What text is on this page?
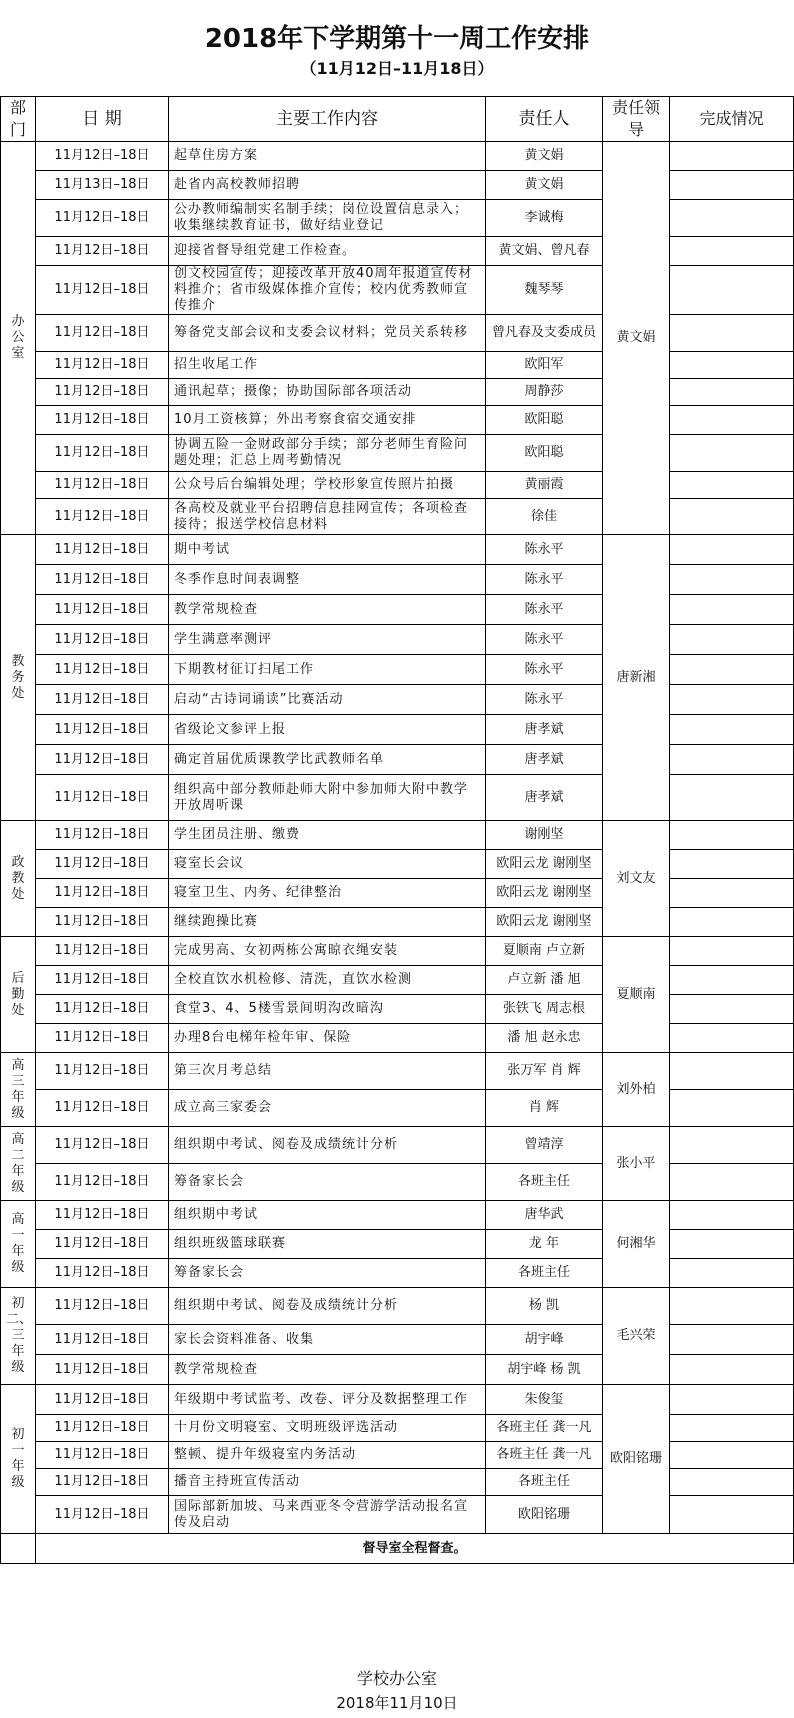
2018年下学期第十一周工作安排
（11月12日–11月18日）
部门	日 期	主要工作内容	责任人	责任领导	完成情况
办公室	11月12日–18日	起草住房方案	黄文娟	黄文娟	
	11月13日–18日	赴省内高校教师招聘	黄文娟		
	11月12日–18日	公办教师编制实名制手续；岗位设置信息录入；收集继续教育证书，做好结业登记	李诚梅		
	11月12日–18日	迎接省督导组党建工作检查。	黄文娟、曾凡春		
	11月12日–18日	创文校园宣传；迎接改革开放40周年报道宣传材料推介；省市级媒体推介宣传；校内优秀教师宣传推介	魏琴琴		
	11月12日–18日	筹备党支部会议和支委会议材料；党员关系转移	曾凡春及支委成员		
	11月12日–18日	招生收尾工作	欧阳军		
	11月12日–18日	通讯起草；摄像；协助国际部各项活动	周静莎		
	11月12日–18日	10月工资核算；外出考察食宿交通安排	欧阳聪		
	11月12日–18日	协调五险一金财政部分手续；部分老师生育险问题处理；汇总上周考勤情况	欧阳聪		
	11月12日–18日	公众号后台编辑处理；学校形象宣传照片拍摄	黄丽霞		
	11月12日–18日	各高校及就业平台招聘信息挂网宣传；各项检查接待；报送学校信息材料	徐佳		
教务处	11月12日–18日	期中考试	陈永平	唐新湘	
	11月12日–18日	冬季作息时间表调整	陈永平		
	11月12日–18日	教学常规检查	陈永平		
	11月12日–18日	学生满意率测评	陈永平		
	11月12日–18日	下期教材征订扫尾工作	陈永平		
	11月12日–18日	启动“古诗词诵读”比赛活动	陈永平		
	11月12日–18日	省级论文参评上报	唐孝斌		
	11月12日–18日	确定首届优质课教学比武教师名单	唐孝斌		
	11月12日–18日	组织高中部分教师赴师大附中参加师大附中教学开放周听课	唐孝斌		
政教处	11月12日–18日	学生团员注册、缴费	谢刚坚	刘文友	
	11月12日–18日	寝室长会议	欧阳云龙 谢刚坚		
	11月12日–18日	寝室卫生、内务、纪律整治	欧阳云龙 谢刚坚		
	11月12日–18日	继续跑操比赛	欧阳云龙 谢刚坚		
后勤处	11月12日–18日	完成男高、女初两栋公寓晾衣绳安装	夏顺南 卢立新	夏顺南	
	11月12日–18日	全校直饮水机检修、清洗，直饮水检测	卢立新 潘 旭		
	11月12日–18日	食堂3、4、5楼雪景间明沟改暗沟	张铁飞 周志根		
	11月12日–18日	办理8台电梯年检年审、保险	潘 旭 赵永忠		
高三年级	11月12日–18日	第三次月考总结	张万军 肖 辉	刘外柏	
	11月12日–18日	成立高三家委会	肖 辉		
高二年级	11月12日–18日	组织期中考试、阅卷及成绩统计分析	曾靖淳	张小平	
	11月12日–18日	筹备家长会	各班主任		
高一年级	11月12日–18日	组织期中考试	唐华武	何湘华	
	11月12日–18日	组织班级篮球联赛	龙 年		
	11月12日–18日	筹备家长会	各班主任		
初二、三年级	11月12日–18日	组织期中考试、阅卷及成绩统计分析	杨 凯	毛兴荣	
	11月12日–18日	家长会资料准备、收集	胡宇峰		
	11月12日–18日	教学常规检查	胡宇峰 杨 凯		
初一年级	11月12日–18日	年级期中考试监考、改卷、评分及数据整理工作	朱俊玺	欧阳铭珊	
	11月12日–18日	十月份文明寝室、文明班级评选活动	各班主任 龚一凡		
	11月12日–18日	整顿、提升年级寝室内务活动	各班主任 龚一凡		
	11月12日–18日	播音主持班宣传活动	各班主任		
	11月12日–18日	国际部新加坡、马来西亚冬令营游学活动报名宣传及启动	欧阳铭珊		
	督导室全程督查。				
学校办公室
2018年11月10日
